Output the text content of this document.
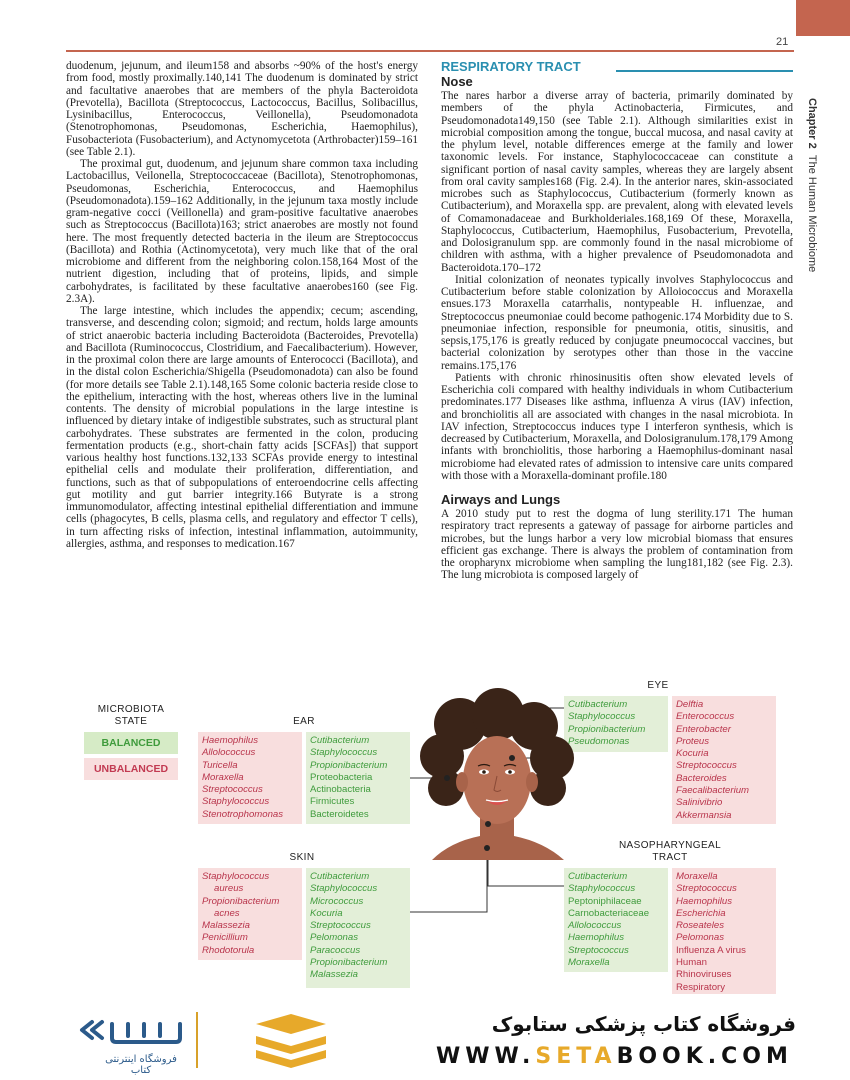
21
Chapter 2  The Human Microbiome

duodenum, jejunum, and ileum158 and absorbs ~90% of the host's energy from food, mostly proximally.140,141 The duodenum is dominated by strict and facultative anaerobes that are members of the phyla Bacteroidota (Prevotella), Bacillota (Streptococcus, Lactococcus, Bacillus, Solibacillus, Lysinibacillus, Enterococcus, Veillonella), Pseudomonadota (Stenotrophomonas, Pseudomonas, Escherichia, Haemophilus), Fusobacteriota (Fusobacterium), and Actynomycetota (Arthrobacter)159–161 (see Table 2.1).

The proximal gut, duodenum, and jejunum share common taxa including Lactobacillus, Veilonella, Streptococcaceae (Bacillota), Stenotrophomonas, Pseudomonas, Escherichia, Enterococcus, and Haemophilus (Pseudomonadota).159–162 Additionally, in the jejunum taxa mostly include gram-negative cocci (Veillonella) and gram-positive facultative anaerobes such as Streptococcus (Bacillota)163; strict anaerobes are mostly not found here. The most frequently detected bacteria in the ileum are Streptococcus (Bacillota) and Rothia (Actinomycetota), very much like that of the oral microbiome and different from the neighboring colon.158,164 Most of the nutrient digestion, including that of proteins, lipids, and simple carbohydrates, is facilitated by these facultative anaerobes160 (see Fig. 2.3A).

The large intestine, which includes the appendix; cecum; ascending, transverse, and descending colon; sigmoid; and rectum, holds large amounts of strict anaerobic bacteria including Bacteroidota (Bacteroides, Prevotella) and Bacillota (Ruminococcus, Clostridium, and Faecalibacterium). However, in the proximal colon there are large amounts of Enterococci (Bacillota), and in the distal colon Escherichia/Shigella (Pseudomonadota) can also be found (for more details see Table 2.1).148,165 Some colonic bacteria reside close to the epithelium, interacting with the host, whereas others live in the luminal contents. The density of microbial populations in the large intestine is influenced by dietary intake of indigestible substrates, such as structural plant carbohydrates. These substrates are fermented in the colon, producing fermentation products (e.g., short-chain fatty acids [SCFAs]) that support various healthy host functions.132,133 SCFAs provide energy to intestinal epithelial cells and modulate their proliferation, differentiation, and functions, such as that of subpopulations of enteroendocrine cells affecting gut motility and gut barrier integrity.166 Butyrate is a strong immunomodulator, affecting intestinal epithelial differentiation and immune cells (phagocytes, B cells, plasma cells, and regulatory and effector T cells), in turn affecting risks of infection, intestinal inflammation, autoimmunity, allergies, asthma, and responses to medication.167

RESPIRATORY TRACT
Nose

The nares harbor a diverse array of bacteria, primarily dominated by members of the phyla Actinobacteria, Firmicutes, and Pseudomonadota149,150 (see Table 2.1). Although similarities exist in microbial composition among the tongue, buccal mucosa, and nasal cavity at the phylum level, notable differences emerge at the family and lower taxonomic levels. For instance, Staphylococcaceae can constitute a significant portion of nasal cavity samples, whereas they are largely absent from oral cavity samples168 (Fig. 2.4). In the anterior nares, skin-associated microbes such as Staphylococcus, Cutibacterium (formerly known as Cutibacterium), and Moraxella spp. are prevalent, along with elevated levels of Comamonadaceae and Burkholderiales.168,169 Of these, Moraxella, Staphylococcus, Cutibacterium, Haemophilus, Fusobacterium, Prevotella, and Dolosigranulum spp. are commonly found in the nasal microbiome of children with asthma, with a higher prevalence of Pseudomonadota and Bacteroidota.170–172

Initial colonization of neonates typically involves Staphylococcus and Cutibacterium before stable colonization by Alloiococcus and Moraxella ensues.173 Moraxella catarrhalis, nontypeable H. influenzae, and Streptococcus pneumoniae could become pathogenic.174 Morbidity due to S. pneumoniae infection, responsible for pneumonia, otitis, sinusitis, and sepsis,175,176 is greatly reduced by conjugate pneumococcal vaccines, but bacterial colonization by serotypes other than those in the vaccine remains.175,176

Patients with chronic rhinosinusitis often show elevated levels of Escherichia coli compared with healthy individuals in whom Cutibacterium predominates.177 Diseases like asthma, influenza A virus (IAV) infection, and bronchiolitis all are associated with changes in the nasal microbiota. In IAV infection, Streptococcus induces type I interferon synthesis, which is decreased by Cutibacterium, Moraxella, and Dolosigranulum.178,179 Among infants with bronchiolitis, those harboring a Haemophilus-dominant nasal microbiome had elevated rates of admission to intensive care units compared with those with a Moraxella-dominant profile.180

Airways and Lungs

A 2010 study put to rest the dogma of lung sterility.171 The human respiratory tract represents a gateway of passage for airborne particles and microbes, but the lungs harbor a very low microbial biomass that ensures efficient gas exchange. There is always the problem of contamination from the oropharynx microbiome when sampling the lung181,182 (see Fig. 2.3). The lung microbiota is composed largely of

MICROBIOTA
STATE
BALANCED
UNBALANCED
EAR
Haemophilus
Allolococcus
Turicella
Moraxella
Streptococcus
Staphylococcus
Stenotrophomonas
Cutibacterium
Staphylococcus
Propionibacterium
Proteobacteria
Actinobacteria
Firmicutes
Bacteroidetes
SKIN
Staphylococcus
aureus
Propionibacterium
acnes
Malassezia
Penicillium
Rhodotorula
Cutibacterium
Staphylococcus
Micrococcus
Kocuria
Streptococcus
Pelomonas
Paracoccus
Propionibacterium
Malassezia
EYE
Cutibacterium
Staphylococcus
Propionibacterium
Pseudomonas
Delftia
Enterococcus
Enterobacter
Proteus
Kocuria
Streptococcus
Bacteroides
Faecalibacterium
Salinivibrio
Akkermansia
NASOPHARYNGEAL
TRACT
Cutibacterium
Staphylococcus
Peptoniphilaceae
Carnobacteriaceae
Allolococcus
Haemophilus
Streptococcus
Moraxella
Moraxella
Streptococcus
Haemophilus
Escherichia
Roseateles
Pelomonas
Influenza A virus
Human
Rhinoviruses
Respiratory
فروشگاه اینترنتی کتاب
فروشگاه کتاب پزشکی ستابوک
WWW.SETABOOK.COM
